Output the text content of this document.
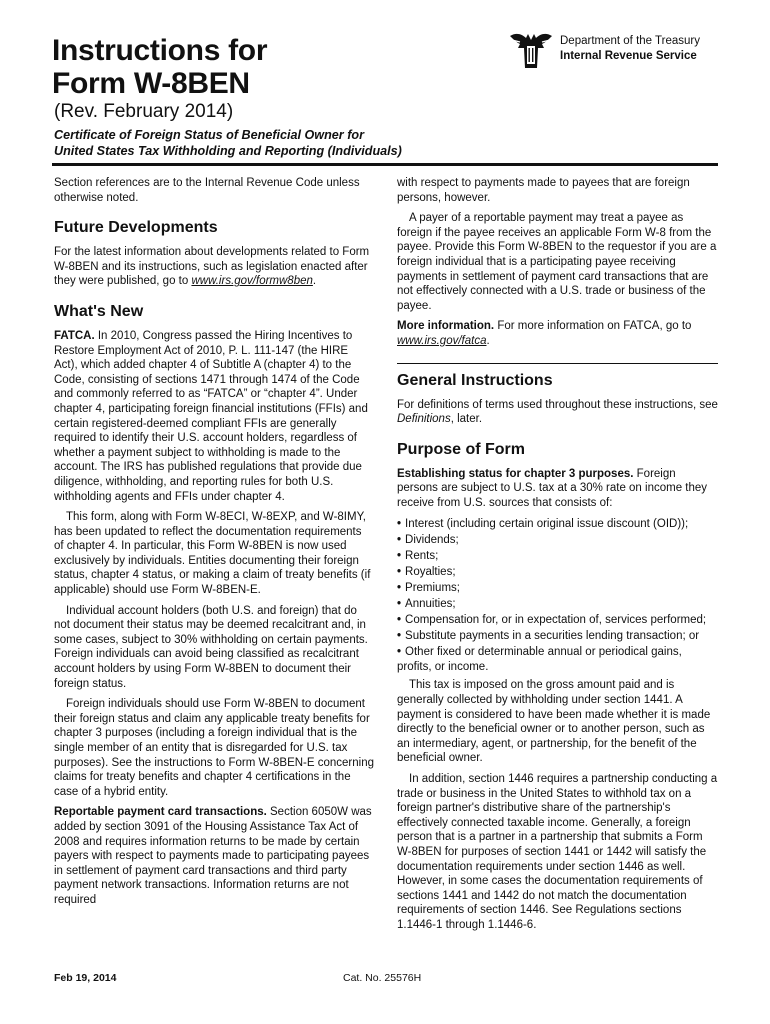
Instructions for
Form W-8BEN
(Rev. February 2014)
Certificate of Foreign Status of Beneficial Owner for
United States Tax Withholding and Reporting (Individuals)
Department of the Treasury
Internal Revenue Service

Section references are to the Internal Revenue Code unless otherwise noted.

Future Developments

For the latest information about developments related to Form W-8BEN and its instructions, such as legislation enacted after they were published, go to www.irs.gov/formw8ben.

What's New

FATCA. In 2010, Congress passed the Hiring Incentives to Restore Employment Act of 2010, P. L. 111-147 (the HIRE Act), which added chapter 4 of Subtitle A (chapter 4) to the Code, consisting of sections 1471 through 1474 of the Code and commonly referred to as “FATCA” or “chapter 4”. Under chapter 4, participating foreign financial institutions (FFIs) and certain registered-deemed compliant FFIs are generally required to identify their U.S. account holders, regardless of whether a payment subject to withholding is made to the account. The IRS has published regulations that provide due diligence, withholding, and reporting rules for both U.S. withholding agents and FFIs under chapter 4.

This form, along with Form W-8ECI, W-8EXP, and W-8IMY, has been updated to reflect the documentation requirements of chapter 4. In particular, this Form W-8BEN is now used exclusively by individuals. Entities documenting their foreign status, chapter 4 status, or making a claim of treaty benefits (if applicable) should use Form W-8BEN-E.

Individual account holders (both U.S. and foreign) that do not document their status may be deemed recalcitrant and, in some cases, subject to 30% withholding on certain payments. Foreign individuals can avoid being classified as recalcitrant account holders by using Form W-8BEN to document their foreign status.

Foreign individuals should use Form W-8BEN to document their foreign status and claim any applicable treaty benefits for chapter 3 purposes (including a foreign individual that is the single member of an entity that is disregarded for U.S. tax purposes). See the instructions to Form W-8BEN-E concerning claims for treaty benefits and chapter 4 certifications in the case of a hybrid entity.

Reportable payment card transactions. Section 6050W was added by section 3091 of the Housing Assistance Tax Act of 2008 and requires information returns to be made by certain payers with respect to payments made to participating payees in settlement of payment card transactions and third party payment network transactions. Information returns are not required

with respect to payments made to payees that are foreign persons, however.

A payer of a reportable payment may treat a payee as foreign if the payee receives an applicable Form W-8 from the payee. Provide this Form W-8BEN to the requestor if you are a foreign individual that is a participating payee receiving payments in settlement of payment card transactions that are not effectively connected with a U.S. trade or business of the payee.

More information. For more information on FATCA, go to www.irs.gov/fatca.

General Instructions

For definitions of terms used throughout these instructions, see Definitions, later.

Purpose of Form

Establishing status for chapter 3 purposes. Foreign persons are subject to U.S. tax at a 30% rate on income they receive from U.S. sources that consists of:

• Interest (including certain original issue discount (OID));
• Dividends;
• Rents;
• Royalties;
• Premiums;
• Annuities;
• Compensation for, or in expectation of, services performed;
• Substitute payments in a securities lending transaction; or
• Other fixed or determinable annual or periodical gains, profits, or income.

This tax is imposed on the gross amount paid and is generally collected by withholding under section 1441. A payment is considered to have been made whether it is made directly to the beneficial owner or to another person, such as an intermediary, agent, or partnership, for the benefit of the beneficial owner.

In addition, section 1446 requires a partnership conducting a trade or business in the United States to withhold tax on a foreign partner's distributive share of the partnership's effectively connected taxable income. Generally, a foreign person that is a partner in a partnership that submits a Form W-8BEN for purposes of section 1441 or 1442 will satisfy the documentation requirements under section 1446 as well. However, in some cases the documentation requirements of sections 1441 and 1442 do not match the documentation requirements of section 1446. See Regulations sections 1.1446-1 through 1.1446-6.

Feb 19, 2014	Cat. No. 25576H
